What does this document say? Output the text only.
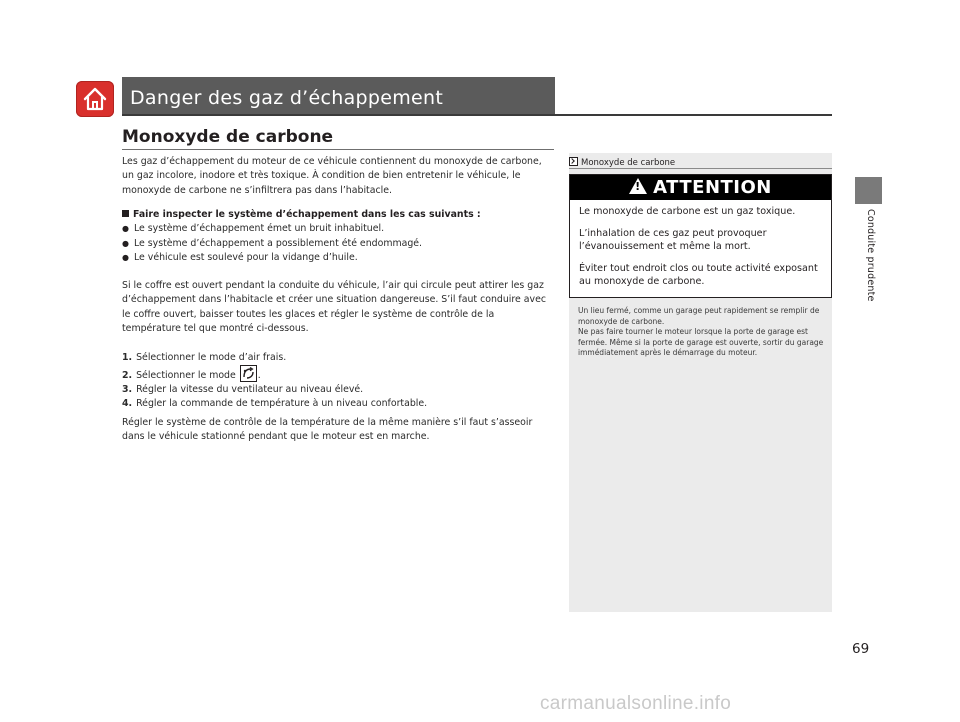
Danger des gaz d’échappement
Monoxyde de carbone
Les gaz d’échappement du moteur de ce véhicule contiennent du monoxyde de carbone, un gaz incolore, inodore et très toxique. À condition de bien entretenir le véhicule, le monoxyde de carbone ne s’infiltrera pas dans l’habitacle.
Faire inspecter le système d’échappement dans les cas suivants :
● Le système d’échappement émet un bruit inhabituel.
● Le système d’échappement a possiblement été endommagé.
● Le véhicule est soulevé pour la vidange d’huile.
Si le coffre est ouvert pendant la conduite du véhicule, l’air qui circule peut attirer les gaz d’échappement dans l’habitacle et créer une situation dangereuse. S’il faut conduire avec le coffre ouvert, baisser toutes les glaces et régler le système de contrôle de la température tel que montré ci-dessous.
1. Sélectionner le mode d’air frais.
2. Sélectionner le mode
.
3. Régler la vitesse du ventilateur au niveau élevé.
4. Régler la commande de température à un niveau confortable.
Régler le système de contrôle de la température de la même manière s’il faut s’asseoir dans le véhicule stationné pendant que le moteur est en marche.
Monoxyde de carbone
!ATTENTION

Le monoxyde de carbone est un gaz toxique.

L’inhalation de ces gaz peut provoquer l’évanouissement et même la mort.

Éviter tout endroit clos ou toute activité exposant au monoxyde de carbone.

Un lieu fermé, comme un garage peut rapidement se remplir de monoxyde de carbone.
Ne pas faire tourner le moteur lorsque la porte de garage est fermée. Même si la porte de garage est ouverte, sortir du garage immédiatement après le démarrage du moteur.
Conduite prudente
69
carmanualsonline.info
